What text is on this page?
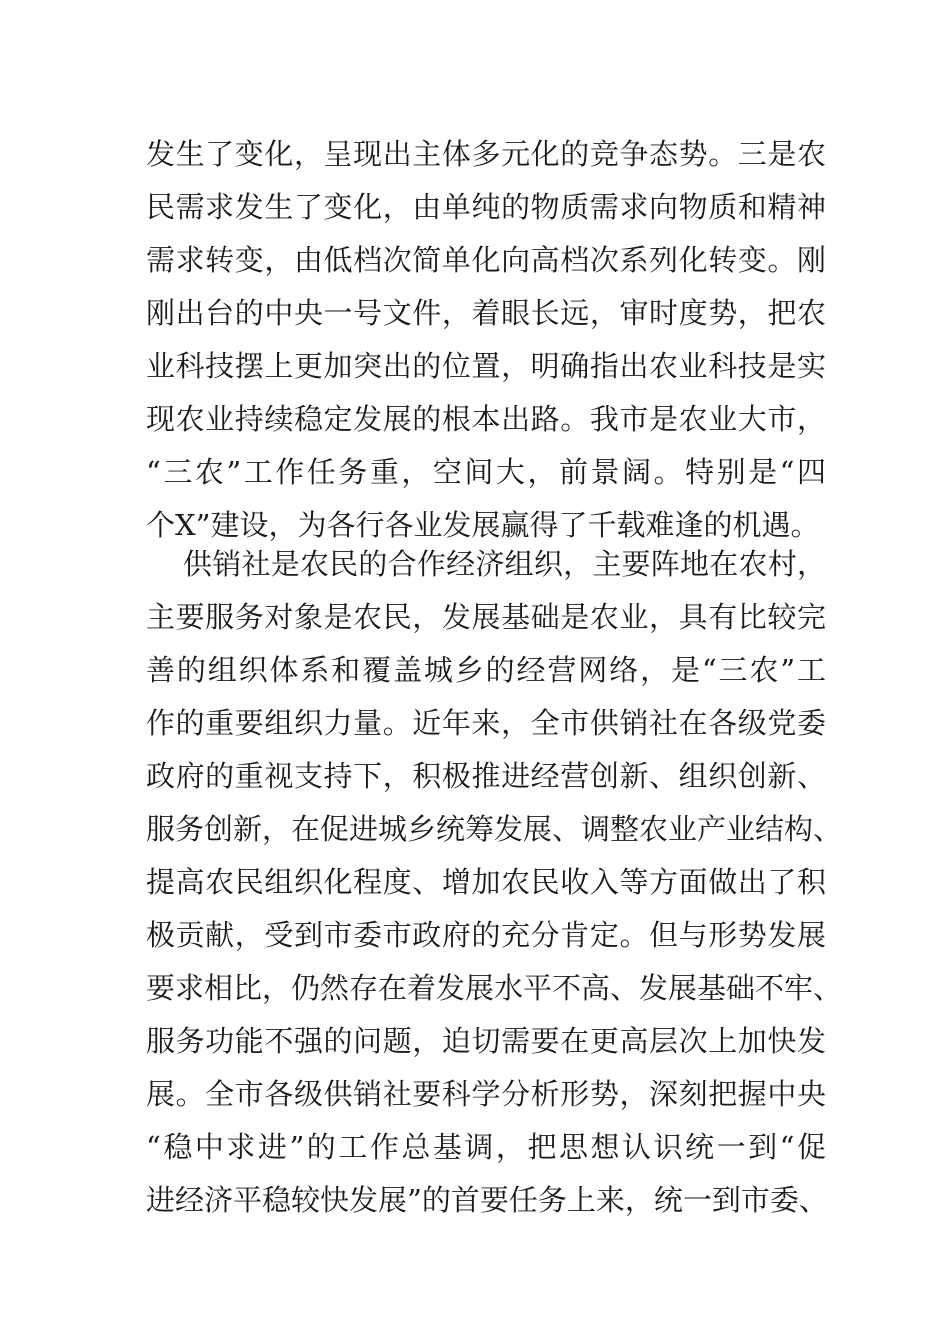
发生了变化，呈现出主体多元化的竞争态势。三是农
民需求发生了变化，由单纯的物质需求向物质和精神
需求转变，由低档次简单化向高档次系列化转变。刚
刚出台的中央一号文件，着眼长远，审时度势，把农
业科技摆上更加突出的位置，明确指出农业科技是实
现农业持续稳定发展的根本出路。我市是农业大市，
“三农”工作任务重，空间大，前景阔。特别是“四
个X”建设，为各行各业发展赢得了千载难逢的机遇。
供销社是农民的合作经济组织，主要阵地在农村，
主要服务对象是农民，发展基础是农业，具有比较完
善的组织体系和覆盖城乡的经营网络，是“三农”工
作的重要组织力量。近年来，全市供销社在各级党委
政府的重视支持下，积极推进经营创新、组织创新、
服务创新，在促进城乡统筹发展、调整农业产业结构、
提高农民组织化程度、增加农民收入等方面做出了积
极贡献，受到市委市政府的充分肯定。但与形势发展
要求相比，仍然存在着发展水平不高、发展基础不牢、
服务功能不强的问题，迫切需要在更高层次上加快发
展。全市各级供销社要科学分析形势，深刻把握中央
“稳中求进”的工作总基调，把思想认识统一到“促
进经济平稳较快发展”的首要任务上来，统一到市委、
